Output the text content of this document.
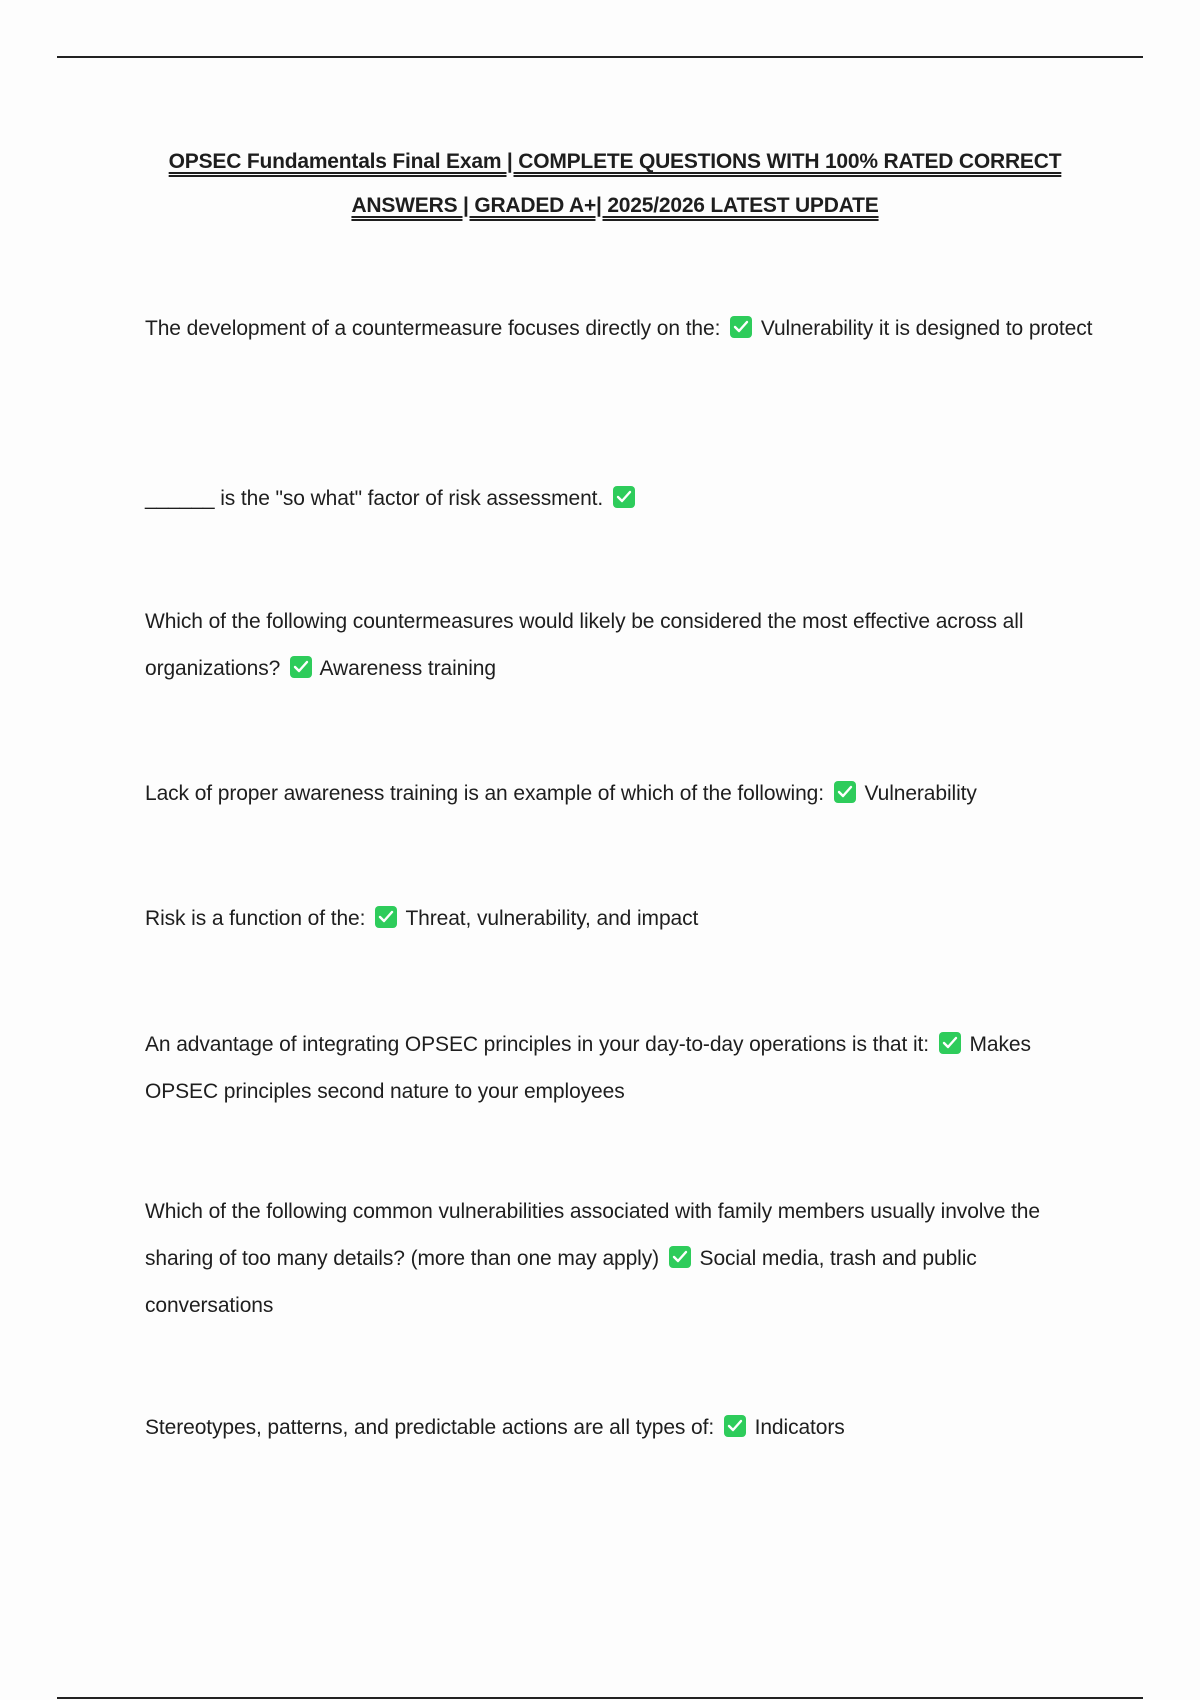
OPSEC Fundamentals Final Exam | COMPLETE QUESTIONS WITH 100% RATED CORRECT ANSWERS | GRADED A+| 2025/2026 LATEST UPDATE
The development of a countermeasure focuses directly on the: Vulnerability it is designed to protect
______ is the "so what" factor of risk assessment.
Which of the following countermeasures would likely be considered the most effective across all organizations? Awareness training
Lack of proper awareness training is an example of which of the following: Vulnerability
Risk is a function of the: Threat, vulnerability, and impact
An advantage of integrating OPSEC principles in your day-to-day operations is that it: Makes OPSEC principles second nature to your employees
Which of the following common vulnerabilities associated with family members usually involve the sharing of too many details? (more than one may apply) Social media, trash and public conversations
Stereotypes, patterns, and predictable actions are all types of: Indicators
